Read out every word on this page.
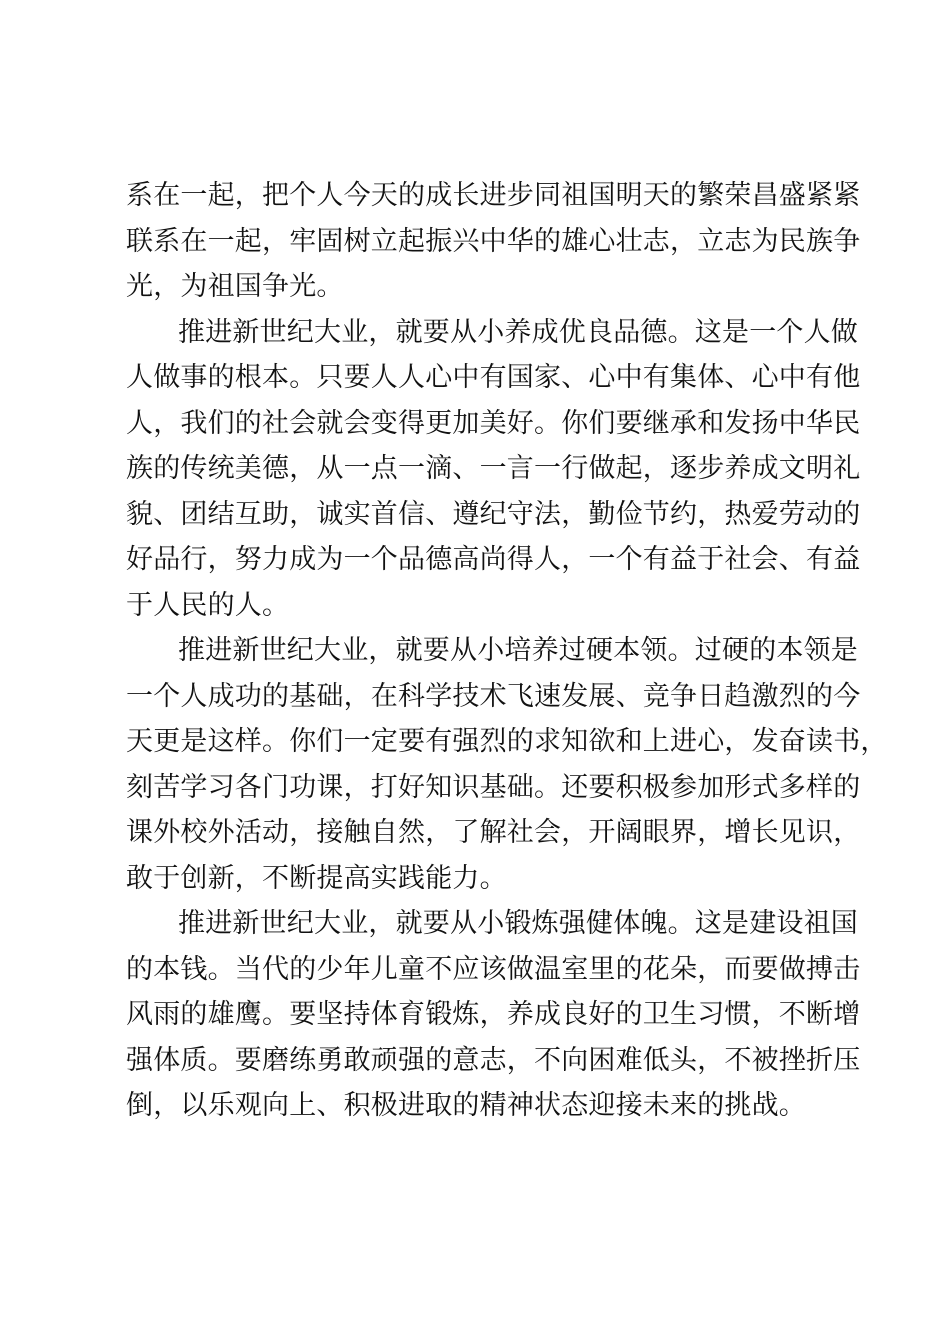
系在一起，把个人今天的成长进步同祖国明天的繁荣昌盛紧紧
联系在一起，牢固树立起振兴中华的雄心壮志，立志为民族争
光，为祖国争光。
推进新世纪大业，就要从小养成优良品德。这是一个人做
人做事的根本。只要人人心中有国家、心中有集体、心中有他
人，我们的社会就会变得更加美好。你们要继承和发扬中华民
族的传统美德，从一点一滴、一言一行做起，逐步养成文明礼
貌、团结互助，诚实首信、遵纪守法，勤俭节约，热爱劳动的
好品行，努力成为一个品德高尚得人，一个有益于社会、有益
于人民的人。
推进新世纪大业，就要从小培养过硬本领。过硬的本领是
一个人成功的基础，在科学技术飞速发展、竞争日趋激烈的今
天更是这样。你们一定要有强烈的求知欲和上进心，发奋读书，
刻苦学习各门功课，打好知识基础。还要积极参加形式多样的
课外校外活动，接触自然，了解社会，开阔眼界，增长见识，
敢于创新，不断提高实践能力。
推进新世纪大业，就要从小锻炼强健体魄。这是建设祖国
的本钱。当代的少年儿童不应该做温室里的花朵，而要做搏击
风雨的雄鹰。要坚持体育锻炼，养成良好的卫生习惯，不断增
强体质。要磨练勇敢顽强的意志，不向困难低头，不被挫折压
倒，以乐观向上、积极进取的精神状态迎接未来的挑战。
